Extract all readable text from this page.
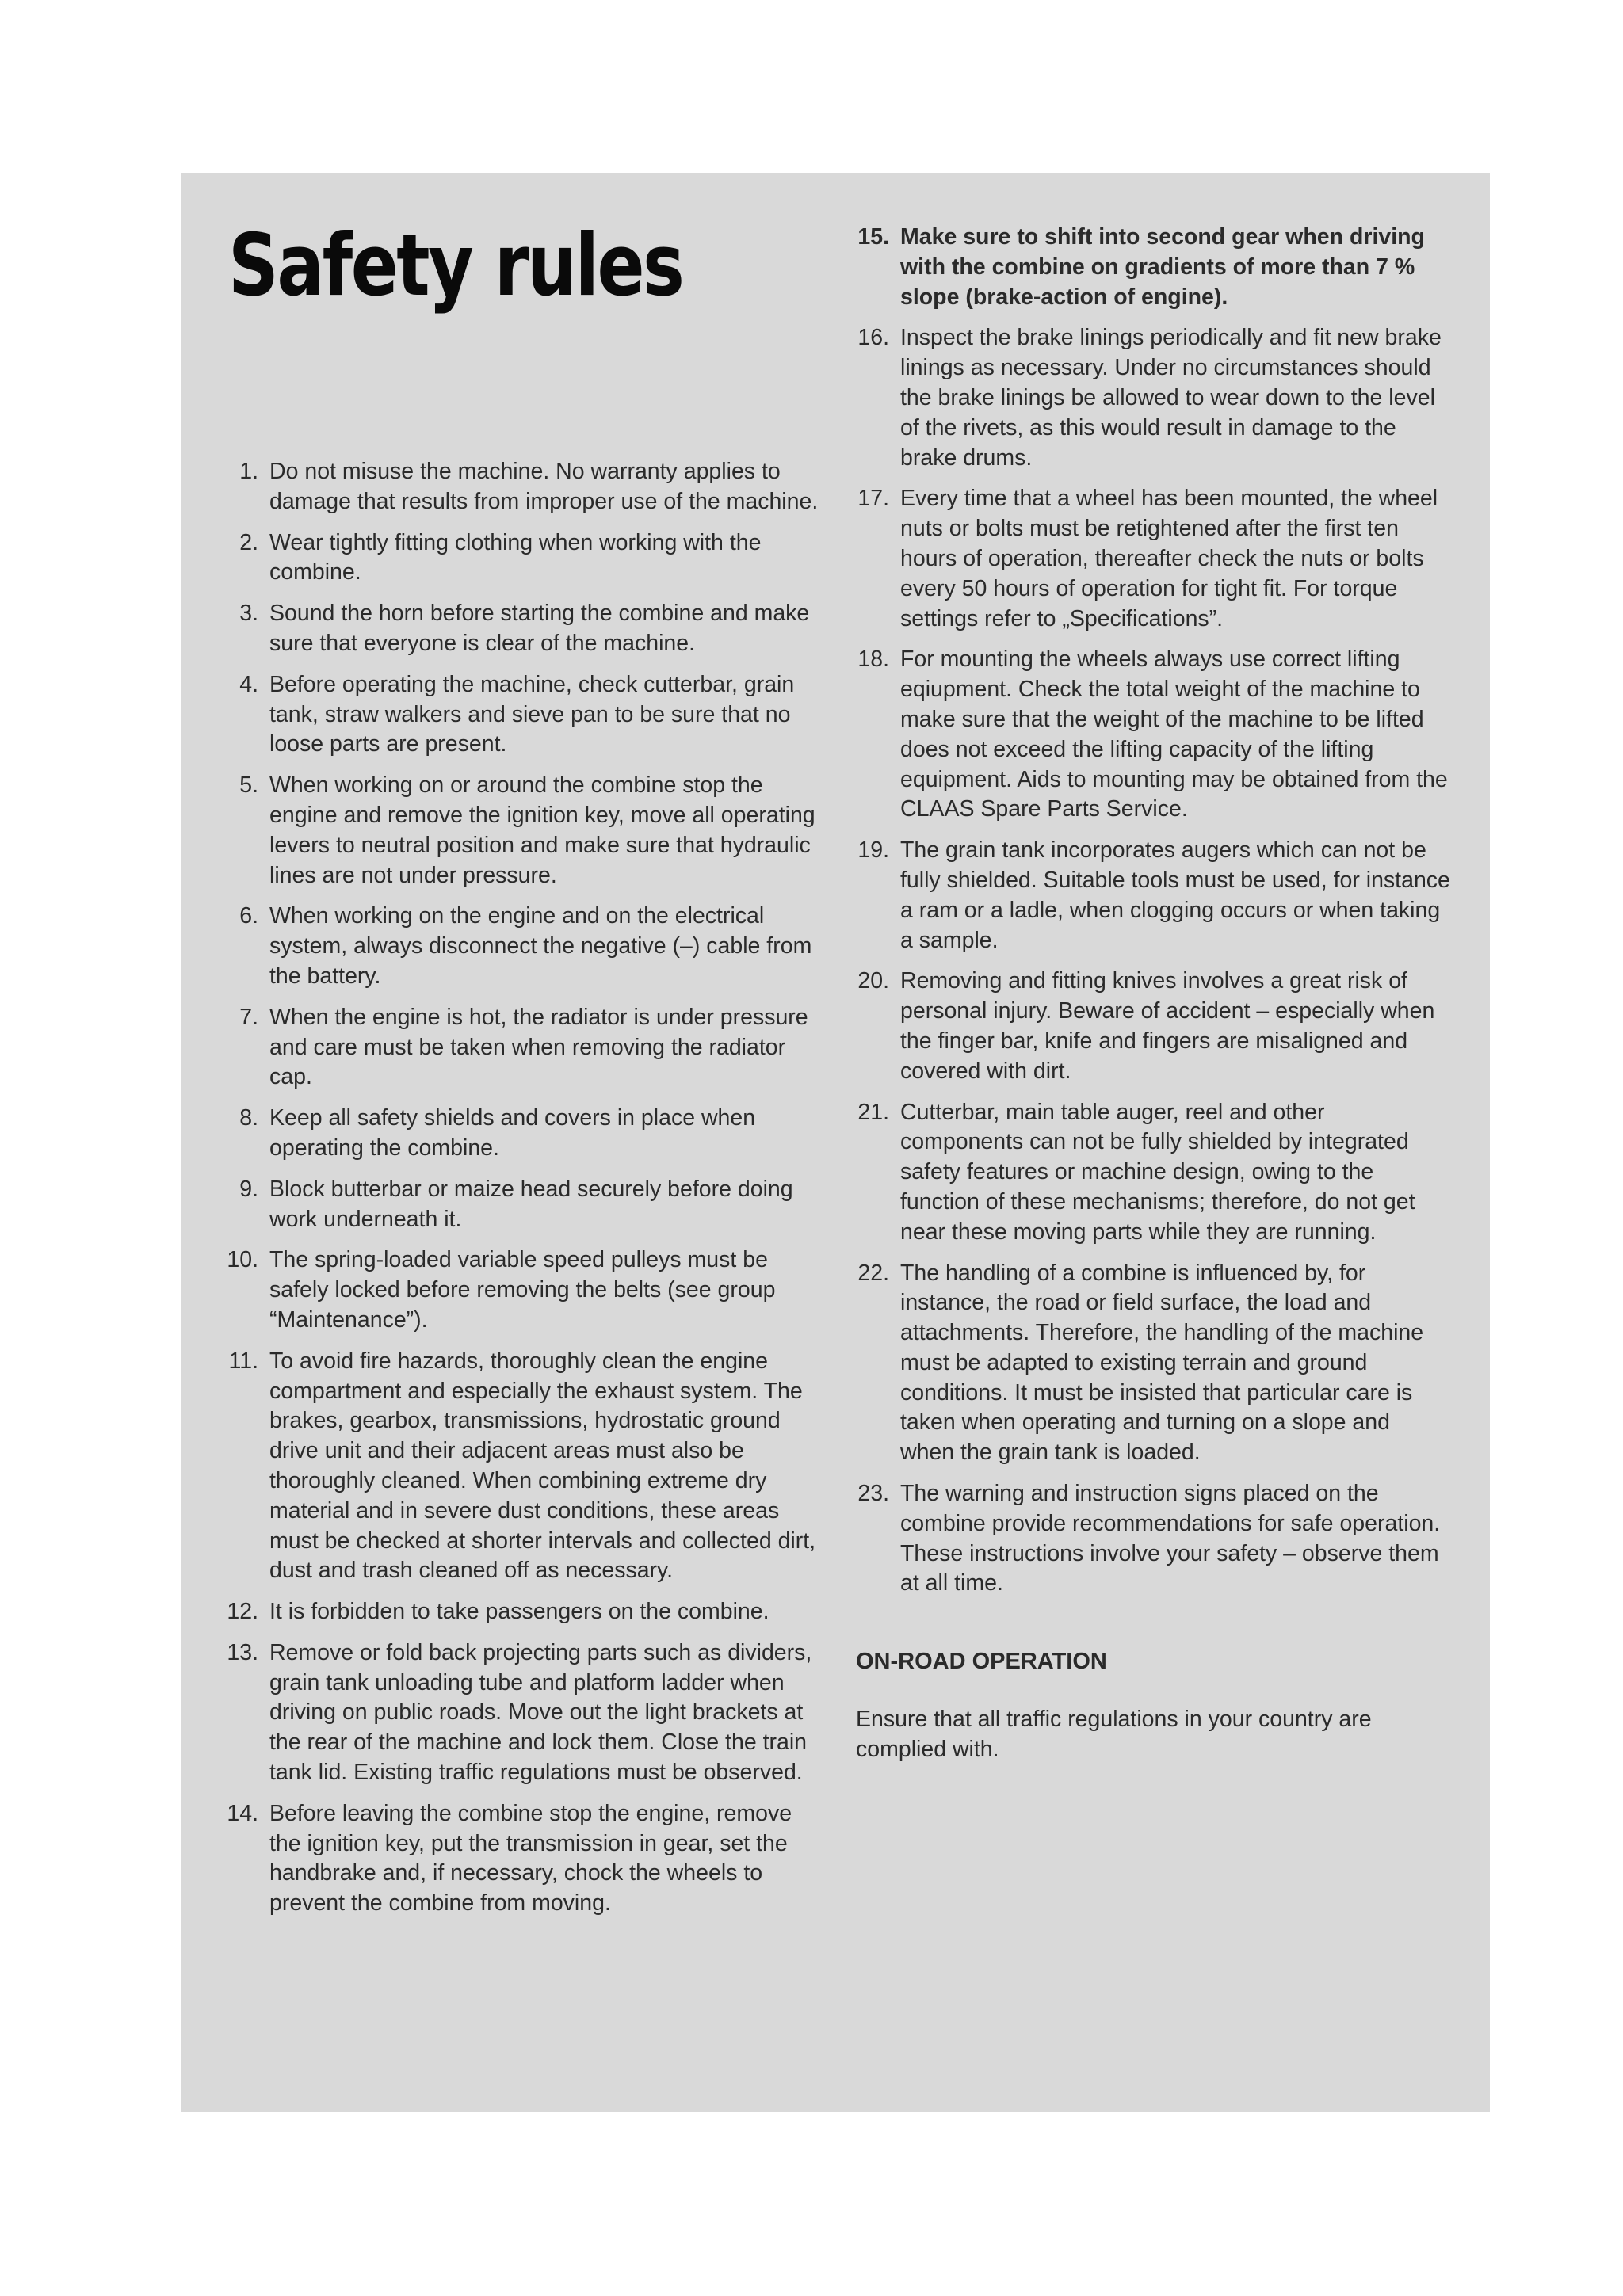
Safety rules
1. Do not misuse the machine. No warranty applies to damage that results from improper use of the machine.
2. Wear tightly fitting clothing when working with the combine.
3. Sound the horn before starting the combine and make sure that everyone is clear of the machine.
4. Before operating the machine, check cutterbar, grain tank, straw walkers and sieve pan to be sure that no loose parts are present.
5. When working on or around the combine stop the engine and remove the ignition key, move all operating levers to neutral position and make sure that hydraulic lines are not under pressure.
6. When working on the engine and on the electrical system, always disconnect the negative (–) cable from the battery.
7. When the engine is hot, the radiator is under pressure and care must be taken when removing the radiator cap.
8. Keep all safety shields and covers in place when operating the combine.
9. Block butterbar or maize head securely before doing work underneath it.
10. The spring-loaded variable speed pulleys must be safely locked before removing the belts (see group “Maintenance”).
11. To avoid fire hazards, thoroughly clean the engine compartment and especially the exhaust system. The brakes, gearbox, transmissions, hydrostatic ground drive unit and their adjacent areas must also be thoroughly cleaned. When combining extreme dry material and in severe dust conditions, these areas must be checked at shorter intervals and collected dirt, dust and trash cleaned off as necessary.
12. It is forbidden to take passengers on the combine.
13. Remove or fold back projecting parts such as dividers, grain tank unloading tube and platform ladder when driving on public roads. Move out the light brackets at the rear of the machine and lock them. Close the train tank lid. Existing traffic regulations must be observed.
14. Before leaving the combine stop the engine, remove the ignition key, put the transmission in gear, set the handbrake and, if necessary, chock the wheels to prevent the combine from moving.
15. Make sure to shift into second gear when driving with the combine on gradients of more than 7 % slope (brake-action of engine).
16. Inspect the brake linings periodically and fit new brake linings as necessary. Under no circumstances should the brake linings be allowed to wear down to the level of the rivets, as this would result in damage to the brake drums.
17. Every time that a wheel has been mounted, the wheel nuts or bolts must be retightened after the first ten hours of operation, thereafter check the nuts or bolts every 50 hours of operation for tight fit. For torque settings refer to „Specifications”.
18. For mounting the wheels always use correct lifting eqiupment. Check the total weight of the machine to make sure that the weight of the machine to be lifted does not exceed the lifting capacity of the lifting equipment. Aids to mounting may be obtained from the CLAAS Spare Parts Service.
19. The grain tank incorporates augers which can not be fully shielded. Suitable tools must be used, for instance a ram or a ladle, when clogging occurs or when taking a sample.
20. Removing and fitting knives involves a great risk of personal injury. Beware of accident – especially when the finger bar, knife and fingers are misaligned and covered with dirt.
21. Cutterbar, main table auger, reel and other components can not be fully shielded by integrated safety features or machine design, owing to the function of these mechanisms; therefore, do not get near these moving parts while they are running.
22. The handling of a combine is influenced by, for instance, the road or field surface, the load and attachments. Therefore, the handling of the machine must be adapted to existing terrain and ground conditions. It must be insisted that particular care is taken when operating and turning on a slope and when the grain tank is loaded.
23. The warning and instruction signs placed on the combine provide recommendations for safe operation. These instructions involve your safety – observe them at all time.
ON-ROAD OPERATION
Ensure that all traffic regulations in your country are complied with.
